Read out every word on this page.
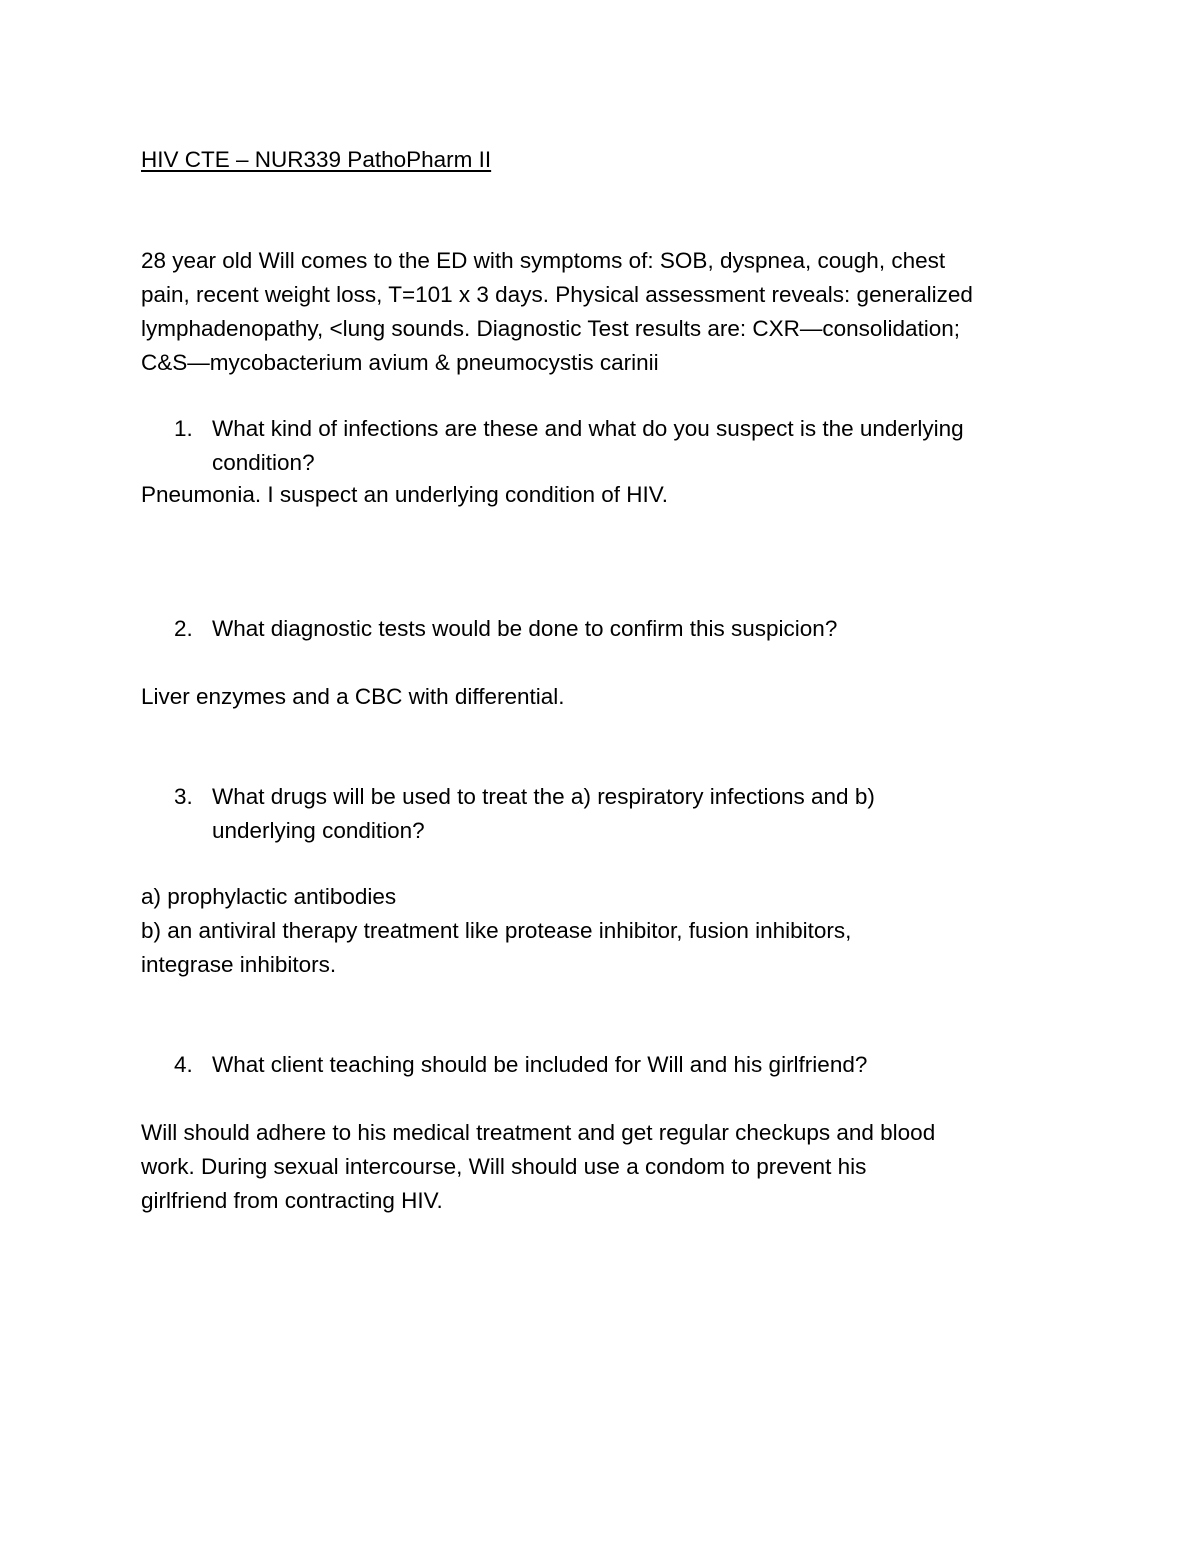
HIV CTE – NUR339 PathoPharm II
28 year old Will comes to the ED with symptoms of: SOB, dyspnea, cough, chest
pain, recent weight loss, T=101 x 3 days. Physical assessment reveals: generalized
lymphadenopathy, <lung sounds. Diagnostic Test results are: CXR—consolidation;
C&S—mycobacterium avium & pneumocystis carinii
1. What kind of infections are these and what do you suspect is the underlying
condition?
Pneumonia. I suspect an underlying condition of HIV.
2. What diagnostic tests would be done to confirm this suspicion?
Liver enzymes and a CBC with differential.
3. What drugs will be used to treat the a) respiratory infections and b)
underlying condition?
a) prophylactic antibodies
b) an antiviral therapy treatment like protease inhibitor, fusion inhibitors,
integrase inhibitors.
4. What client teaching should be included for Will and his girlfriend?
Will should adhere to his medical treatment and get regular checkups and blood
work. During sexual intercourse, Will should use a condom to prevent his
girlfriend from contracting HIV.
